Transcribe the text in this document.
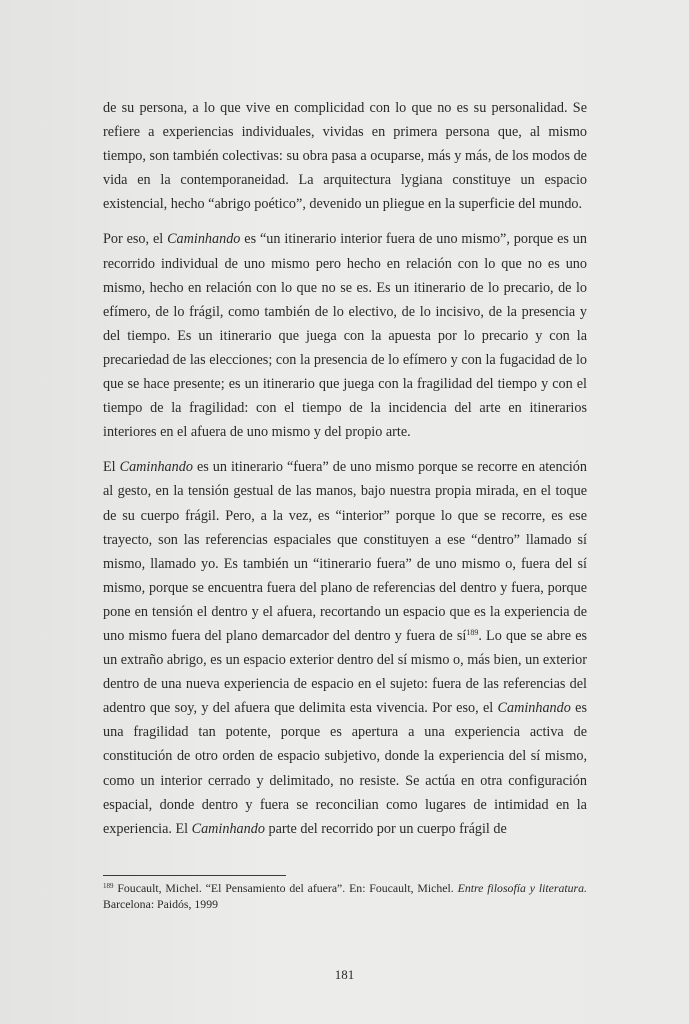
de su persona, a lo que vive en complicidad con lo que no es su personalidad. Se refiere a experiencias individuales, vividas en primera persona que, al mismo tiempo, son también colectivas: su obra pasa a ocuparse, más y más, de los modos de vida en la contemporaneidad. La arquitectura lygiana constituye un espacio existencial, hecho “abrigo poético”, devenido un pliegue en la superficie del mundo.

Por eso, el Caminhando es “un itinerario interior fuera de uno mismo”, porque es un recorrido individual de uno mismo pero hecho en relación con lo que no es uno mismo, hecho en relación con lo que no se es. Es un itinerario de lo precario, de lo efímero, de lo frágil, como también de lo electivo, de lo incisivo, de la presencia y del tiempo. Es un itinerario que juega con la apuesta por lo precario y con la precariedad de las elecciones; con la presencia de lo efímero y con la fugacidad de lo que se hace presente; es un itinerario que juega con la fragilidad del tiempo y con el tiempo de la fragilidad: con el tiempo de la incidencia del arte en itinerarios interiores en el afuera de uno mismo y del propio arte.

El Caminhando es un itinerario “fuera” de uno mismo porque se recorre en atención al gesto, en la tensión gestual de las manos, bajo nuestra propia mirada, en el toque de su cuerpo frágil. Pero, a la vez, es “interior” porque lo que se recorre, es ese trayecto, son las referencias espaciales que constituyen a ese “dentro” llamado sí mismo, llamado yo. Es también un “itinerario fuera” de uno mismo o, fuera del sí mismo, porque se encuentra fuera del plano de referencias del dentro y fuera, porque pone en tensión el dentro y el afuera, recortando un espacio que es la experiencia de uno mismo fuera del plano demarcador del dentro y fuera de $sí^{189}$. Lo que se abre es un extraño abrigo, es un espacio exterior dentro del sí mismo o, más bien, un exterior dentro de una nueva experiencia de espacio en el sujeto: fuera de las referencias del adentro que soy, y del afuera que delimita esta vivencia. Por eso, el Caminhando es una fragilidad tan potente, porque es apertura a una experiencia activa de constitución de otro orden de espacio subjetivo, donde la experiencia del sí mismo, como un interior cerrado y delimitado, no resiste. Se actúa en otra configuración espacial, donde dentro y fuera se reconcilian como lugares de intimidad en la experiencia. El Caminhando parte del recorrido por un cuerpo frágil de

$^{189}$ Foucault, Michel. “El Pensamiento del afuera”. En: Foucault, Michel. Entre filosofía y literatura. Barcelona: Paidós, 1999
181
